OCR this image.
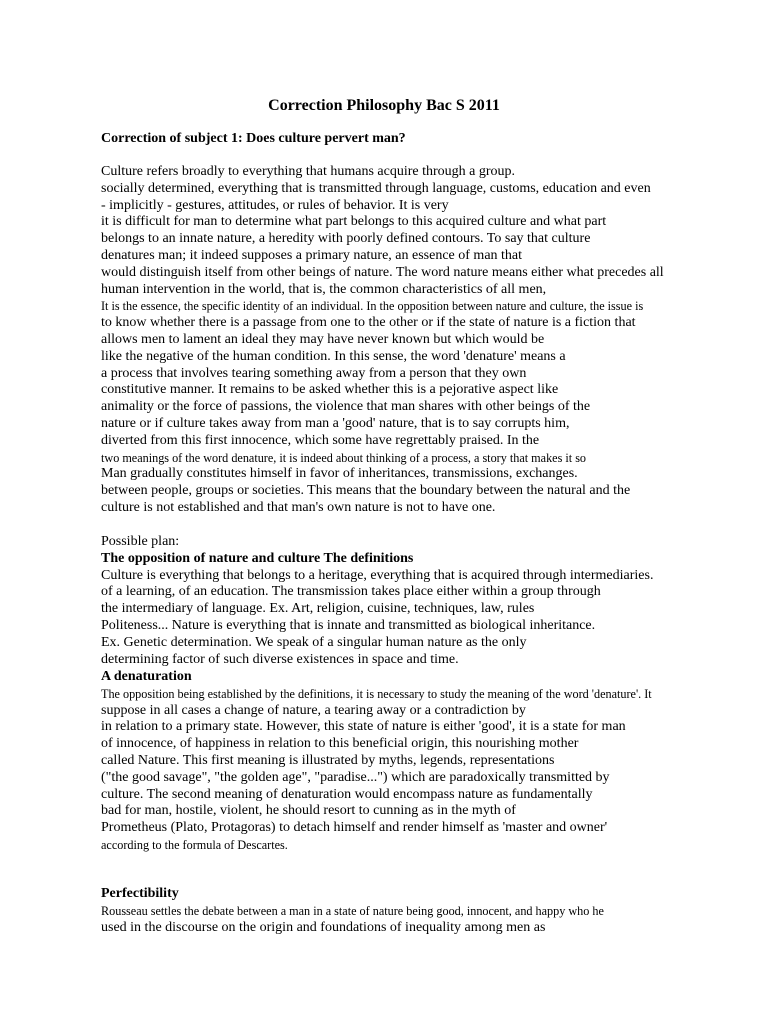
Correction Philosophy Bac S 2011
Correction of subject 1: Does culture pervert man?
Culture refers broadly to everything that humans acquire through a group.
socially determined, everything that is transmitted through language, customs, education and even
- implicitly - gestures, attitudes, or rules of behavior. It is very
it is difficult for man to determine what part belongs to this acquired culture and what part
belongs to an innate nature, a heredity with poorly defined contours. To say that culture
denatures man; it indeed supposes a primary nature, an essence of man that
would distinguish itself from other beings of nature. The word nature means either what precedes all
human intervention in the world, that is, the common characteristics of all men,
It is the essence, the specific identity of an individual. In the opposition between nature and culture, the issue is
to know whether there is a passage from one to the other or if the state of nature is a fiction that
allows men to lament an ideal they may have never known but which would be
like the negative of the human condition. In this sense, the word 'denature' means a
a process that involves tearing something away from a person that they own
constitutive manner. It remains to be asked whether this is a pejorative aspect like
animality or the force of passions, the violence that man shares with other beings of the
nature or if culture takes away from man a 'good' nature, that is to say corrupts him,
diverted from this first innocence, which some have regrettably praised. In the
two meanings of the word denature, it is indeed about thinking of a process, a story that makes it so
Man gradually constitutes himself in favor of inheritances, transmissions, exchanges.
between people, groups or societies. This means that the boundary between the natural and the
culture is not established and that man's own nature is not to have one.
Possible plan:
The opposition of nature and culture The definitions
Culture is everything that belongs to a heritage, everything that is acquired through intermediaries.
of a learning, of an education. The transmission takes place either within a group through
the intermediary of language. Ex. Art, religion, cuisine, techniques, law, rules
Politeness... Nature is everything that is innate and transmitted as biological inheritance.
Ex. Genetic determination. We speak of a singular human nature as the only
determining factor of such diverse existences in space and time.
A denaturation
The opposition being established by the definitions, it is necessary to study the meaning of the word 'denature'. It
suppose in all cases a change of nature, a tearing away or a contradiction by
in relation to a primary state. However, this state of nature is either 'good', it is a state for man
of innocence, of happiness in relation to this beneficial origin, this nourishing mother
called Nature. This first meaning is illustrated by myths, legends, representations
("the good savage", "the golden age", "paradise...") which are paradoxically transmitted by
culture. The second meaning of denaturation would encompass nature as fundamentally
bad for man, hostile, violent, he should resort to cunning as in the myth of
Prometheus (Plato, Protagoras) to detach himself and render himself as 'master and owner'
according to the formula of Descartes.
Perfectibility
Rousseau settles the debate between a man in a state of nature being good, innocent, and happy who he
used in the discourse on the origin and foundations of inequality among men as
